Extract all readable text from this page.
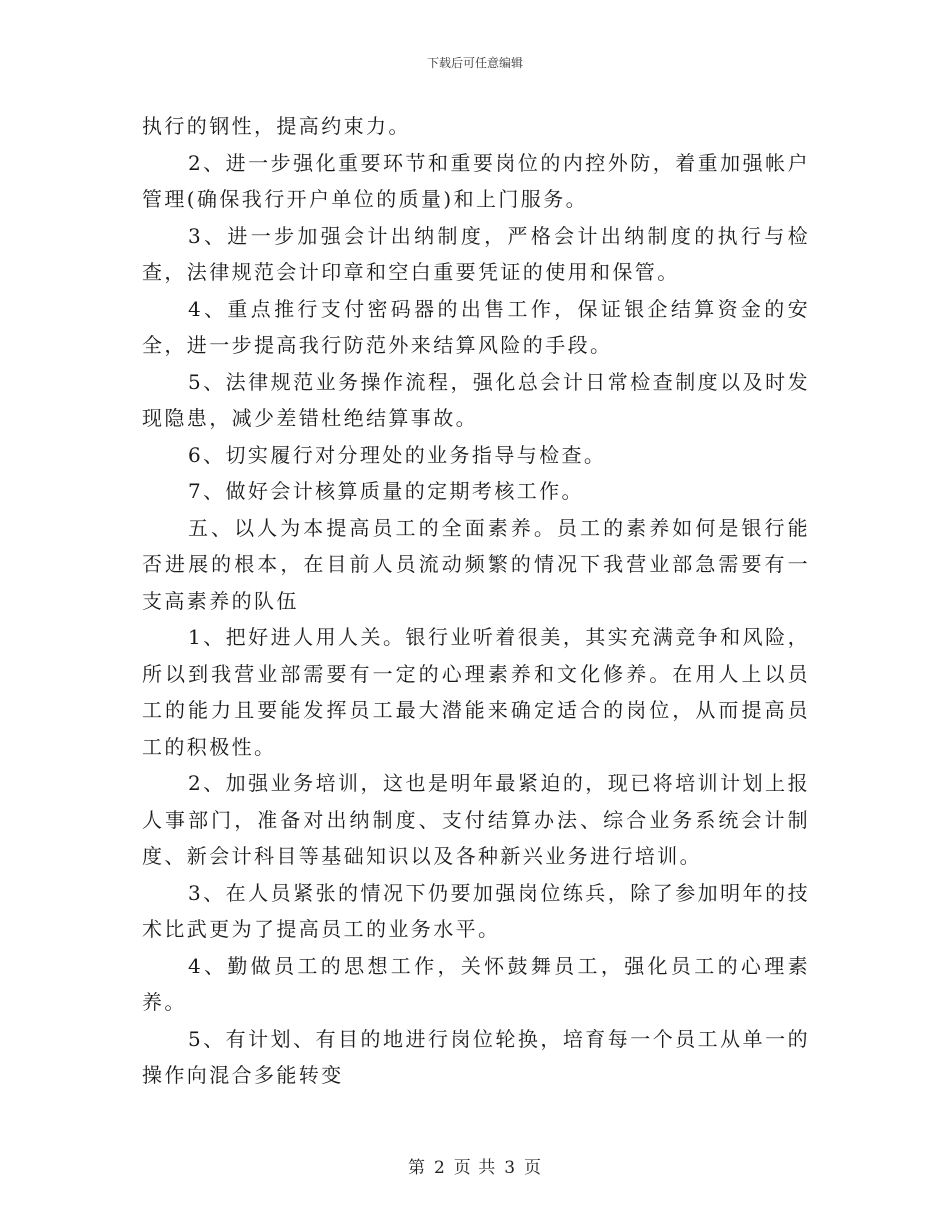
下载后可任意编辑

执行的钢性，提高约束力。

2、进一步强化重要环节和重要岗位的内控外防，着重加强帐户管理(确保我行开户单位的质量)和上门服务。

3、进一步加强会计出纳制度，严格会计出纳制度的执行与检查，法律规范会计印章和空白重要凭证的使用和保管。

4、重点推行支付密码器的出售工作，保证银企结算资金的安全，进一步提高我行防范外来结算风险的手段。

5、法律规范业务操作流程，强化总会计日常检查制度以及时发现隐患，减少差错杜绝结算事故。

6、切实履行对分理处的业务指导与检查。

7、做好会计核算质量的定期考核工作。

五、以人为本提高员工的全面素养。员工的素养如何是银行能否进展的根本，在目前人员流动频繁的情况下我营业部急需要有一支高素养的队伍

1、把好进人用人关。银行业听着很美，其实充满竞争和风险，所以到我营业部需要有一定的心理素养和文化修养。在用人上以员工的能力且要能发挥员工最大潜能来确定适合的岗位，从而提高员工的积极性。

2、加强业务培训，这也是明年最紧迫的，现已将培训计划上报人事部门，准备对出纳制度、支付结算办法、综合业务系统会计制度、新会计科目等基础知识以及各种新兴业务进行培训。

3、在人员紧张的情况下仍要加强岗位练兵，除了参加明年的技术比武更为了提高员工的业务水平。

4、勤做员工的思想工作，关怀鼓舞员工，强化员工的心理素养。

5、有计划、有目的地进行岗位轮换，培育每一个员工从单一的操作向混合多能转变

第 2 页 共 3 页
